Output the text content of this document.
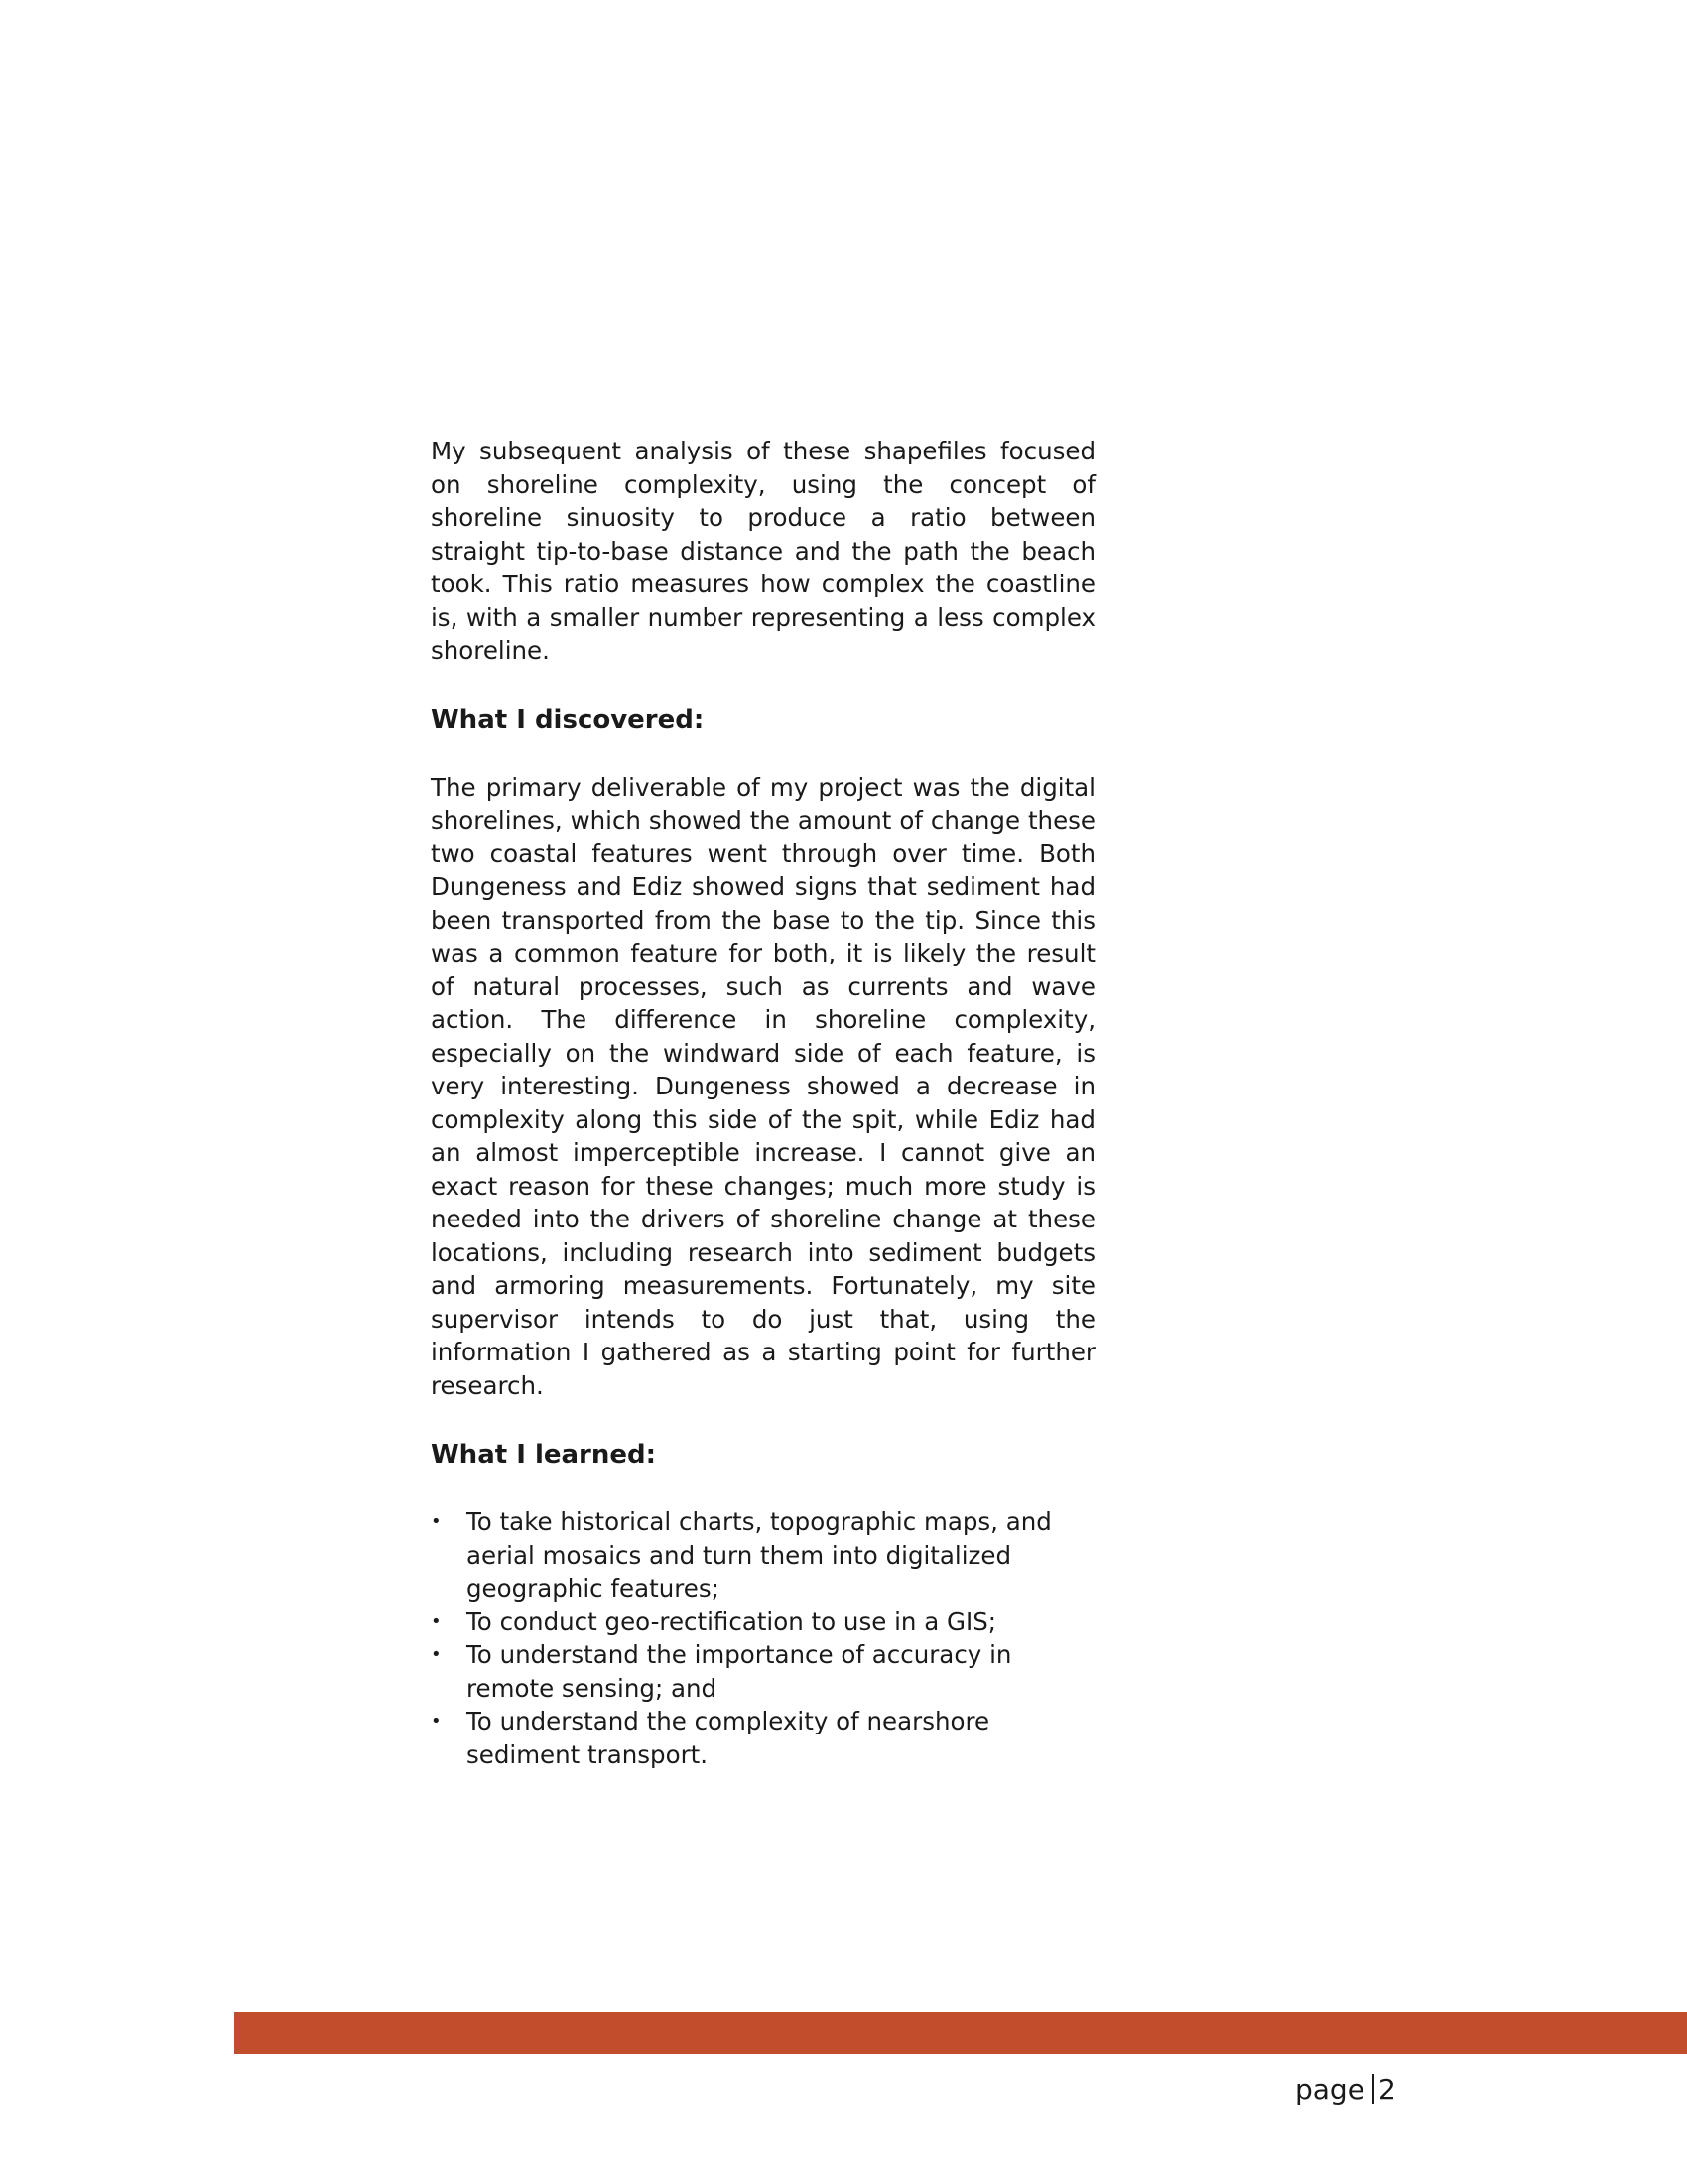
My subsequent analysis of these shapefiles focused on shoreline complexity, using the concept of shoreline sinuosity to produce a ratio between straight tip-to-base distance and the path the beach took. This ratio measures how complex the coastline is, with a smaller number representing a less complex shoreline.

What I discovered:

The primary deliverable of my project was the digital shorelines, which showed the amount of change these two coastal features went through over time. Both Dungeness and Ediz showed signs that sediment had been transported from the base to the tip. Since this was a common feature for both, it is likely the result of natural processes, such as currents and wave action. The difference in shoreline complexity, especially on the windward side of each feature, is very interesting. Dungeness showed a decrease in complexity along this side of the spit, while Ediz had an almost imperceptible increase. I cannot give an exact reason for these changes; much more study is needed into the drivers of shoreline change at these locations, including research into sediment budgets and armoring measurements. Fortunately, my site supervisor intends to do just that, using the information I gathered as a starting point for further research.

What I learned:
• To take historical charts, topographic maps, and aerial mosaics and turn them into digitalized geographic features;
• To conduct geo-rectification to use in a GIS;
• To understand the importance of accuracy in remote sensing; and
• To understand the complexity of nearshore sediment transport.
page 2
